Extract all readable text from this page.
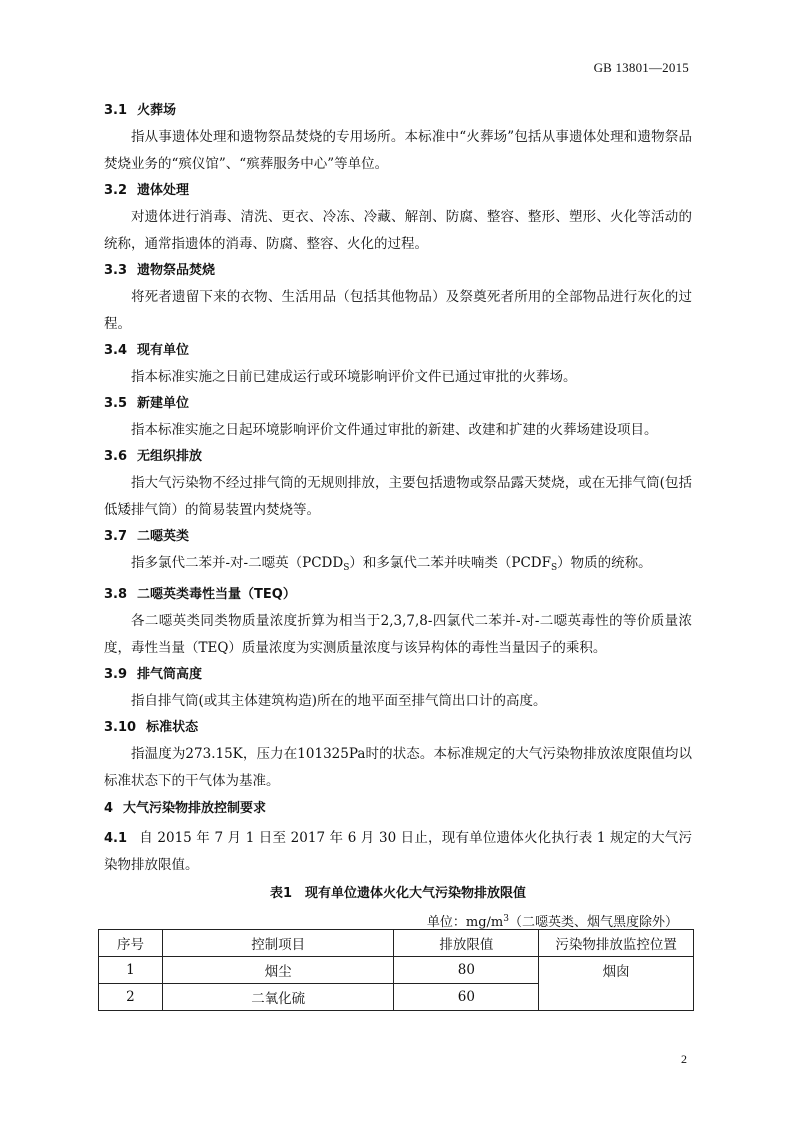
GB 13801—2015
3.1 火葬场
指从事遗体处理和遗物祭品焚烧的专用场所。本标准中“火葬场”包括从事遗体处理和遗物祭品焚烧业务的“殡仪馆”、“殡葬服务中心”等单位。
3.2 遗体处理
对遗体进行消毒、清洗、更衣、冷冻、冷藏、解剖、防腐、整容、整形、塑形、火化等活动的统称，通常指遗体的消毒、防腐、整容、火化的过程。
3.3 遗物祭品焚烧
将死者遗留下来的衣物、生活用品（包括其他物品）及祭奠死者所用的全部物品进行灰化的过程。
3.4 现有单位
指本标准实施之日前已建成运行或环境影响评价文件已通过审批的火葬场。
3.5 新建单位
指本标准实施之日起环境影响评价文件通过审批的新建、改建和扩建的火葬场建设项目。
3.6 无组织排放
指大气污染物不经过排气筒的无规则排放，主要包括遗物或祭品露天焚烧，或在无排气筒(包括低矮排气筒）的简易装置内焚烧等。
3.7 二噁英类
指多氯代二苯并-对-二噁英$(PCDD_S)$和多氯代二苯并呋喃类$(PCDF_S)$物质的统称。
3.8 二噁英类毒性当量（TEQ）
各二噁英类同类物质量浓度折算为相当于2,3,7,8-四氯代二苯并-对-二噁英毒性的等价质量浓度，毒性当量（TEQ）质量浓度为实测质量浓度与该异构体的毒性当量因子的乘积。
3.9 排气筒高度
指自排气筒(或其主体建筑构造)所在的地平面至排气筒出口计的高度。
3.10 标准状态
指温度为273.15K，压力在101325Pa时的状态。本标准规定的大气污染物排放浓度限值均以标准状态下的干气体为基准。
4 大气污染物排放控制要求
4.1 自 2015 年 7 月 1 日至 2017 年 6 月 30 日止，现有单位遗体火化执行表 1 规定的大气污染物排放限值。
表1　现有单位遗体火化大气污染物排放限值
单位：$mg/m^3$（二噁英类、烟气黑度除外）
序号	控制项目	排放限值	污染物排放监控位置
1	烟尘	80	烟囱
2	二氧化硫	60	
2
